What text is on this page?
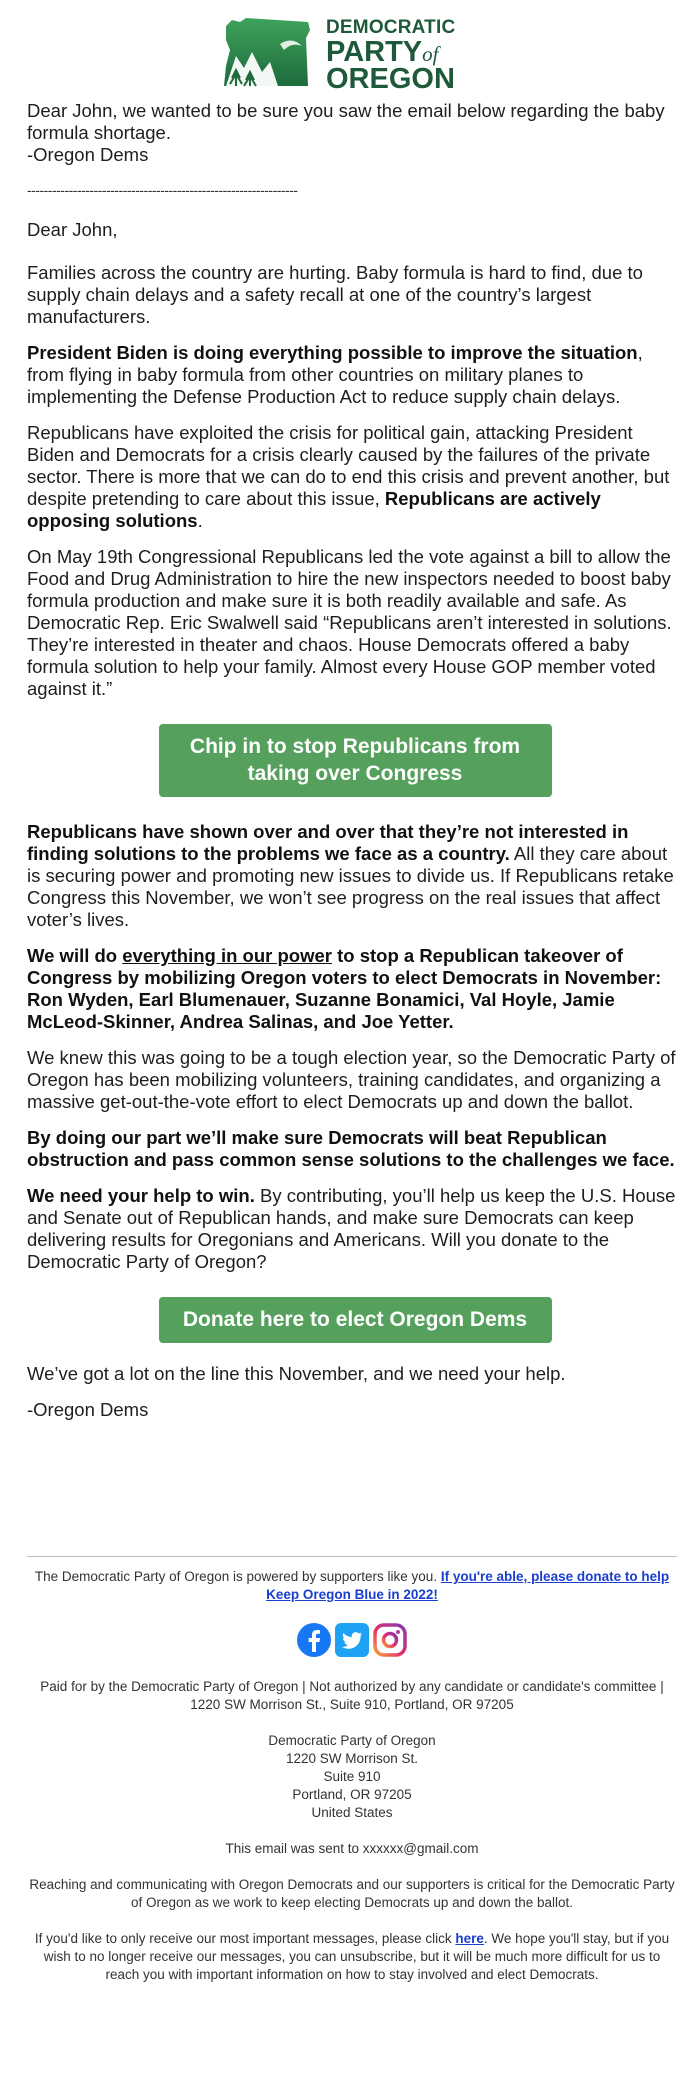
DEMOCRATIC
PARTYof
OREGON

Dear John, we wanted to be sure you saw the email below regarding the baby formula shortage.

-Oregon Dems

-----------------------------------------------------------------

Dear John,

Families across the country are hurting. Baby formula is hard to find, due to supply chain delays and a safety recall at one of the country’s largest manufacturers.

President Biden is doing everything possible to improve the situation, from flying in baby formula from other countries on military planes to implementing the Defense Production Act to reduce supply chain delays.

Republicans have exploited the crisis for political gain, attacking President Biden and Democrats for a crisis clearly caused by the failures of the private sector. There is more that we can do to end this crisis and prevent another, but despite pretending to care about this issue, Republicans are actively opposing solutions.

On May 19th Congressional Republicans led the vote against a bill to allow the Food and Drug Administration to hire the new inspectors needed to boost baby formula production and make sure it is both readily available and safe. As Democratic Rep. Eric Swalwell said “Republicans aren’t interested in solutions. They’re interested in theater and chaos. House Democrats offered a baby formula solution to help your family. Almost every House GOP member voted against it.”

Chip in to stop Republicans from taking over Congress

Republicans have shown over and over that they’re not interested in finding solutions to the problems we face as a country. All they care about is securing power and promoting new issues to divide us. If Republicans retake Congress this November, we won’t see progress on the real issues that affect voter’s lives.

We will do everything in our power to stop a Republican takeover of Congress by mobilizing Oregon voters to elect Democrats in November: Ron Wyden, Earl Blumenauer, Suzanne Bonamici, Val Hoyle, Jamie McLeod-Skinner, Andrea Salinas, and Joe Yetter.

We knew this was going to be a tough election year, so the Democratic Party of Oregon has been mobilizing volunteers, training candidates, and organizing a massive get-out-the-vote effort to elect Democrats up and down the ballot.

By doing our part we’ll make sure Democrats will beat Republican obstruction and pass common sense solutions to the challenges we face.

We need your help to win. By contributing, you’ll help us keep the U.S. House and Senate out of Republican hands, and make sure Democrats can keep delivering results for Oregonians and Americans. Will you donate to the Democratic Party of Oregon?

Donate here to elect Oregon Dems

We’ve got a lot on the line this November, and we need your help.

-Oregon Dems

The Democratic Party of Oregon is powered by supporters like you. If you're able, please donate to help Keep Oregon Blue in 2022!
Paid for by the Democratic Party of Oregon | Not authorized by any candidate or candidate's committee | 1220 SW Morrison St., Suite 910, Portland, OR 97205
Democratic Party of Oregon
1220 SW Morrison St.
Suite 910
Portland, OR 97205
United States
This email was sent to xxxxxx@gmail.com
Reaching and communicating with Oregon Democrats and our supporters is critical for the Democratic Party of Oregon as we work to keep electing Democrats up and down the ballot.
If you'd like to only receive our most important messages, please click here. We hope you'll stay, but if you wish to no longer receive our messages, you can unsubscribe, but it will be much more difficult for us to reach you with important information on how to stay involved and elect Democrats.
